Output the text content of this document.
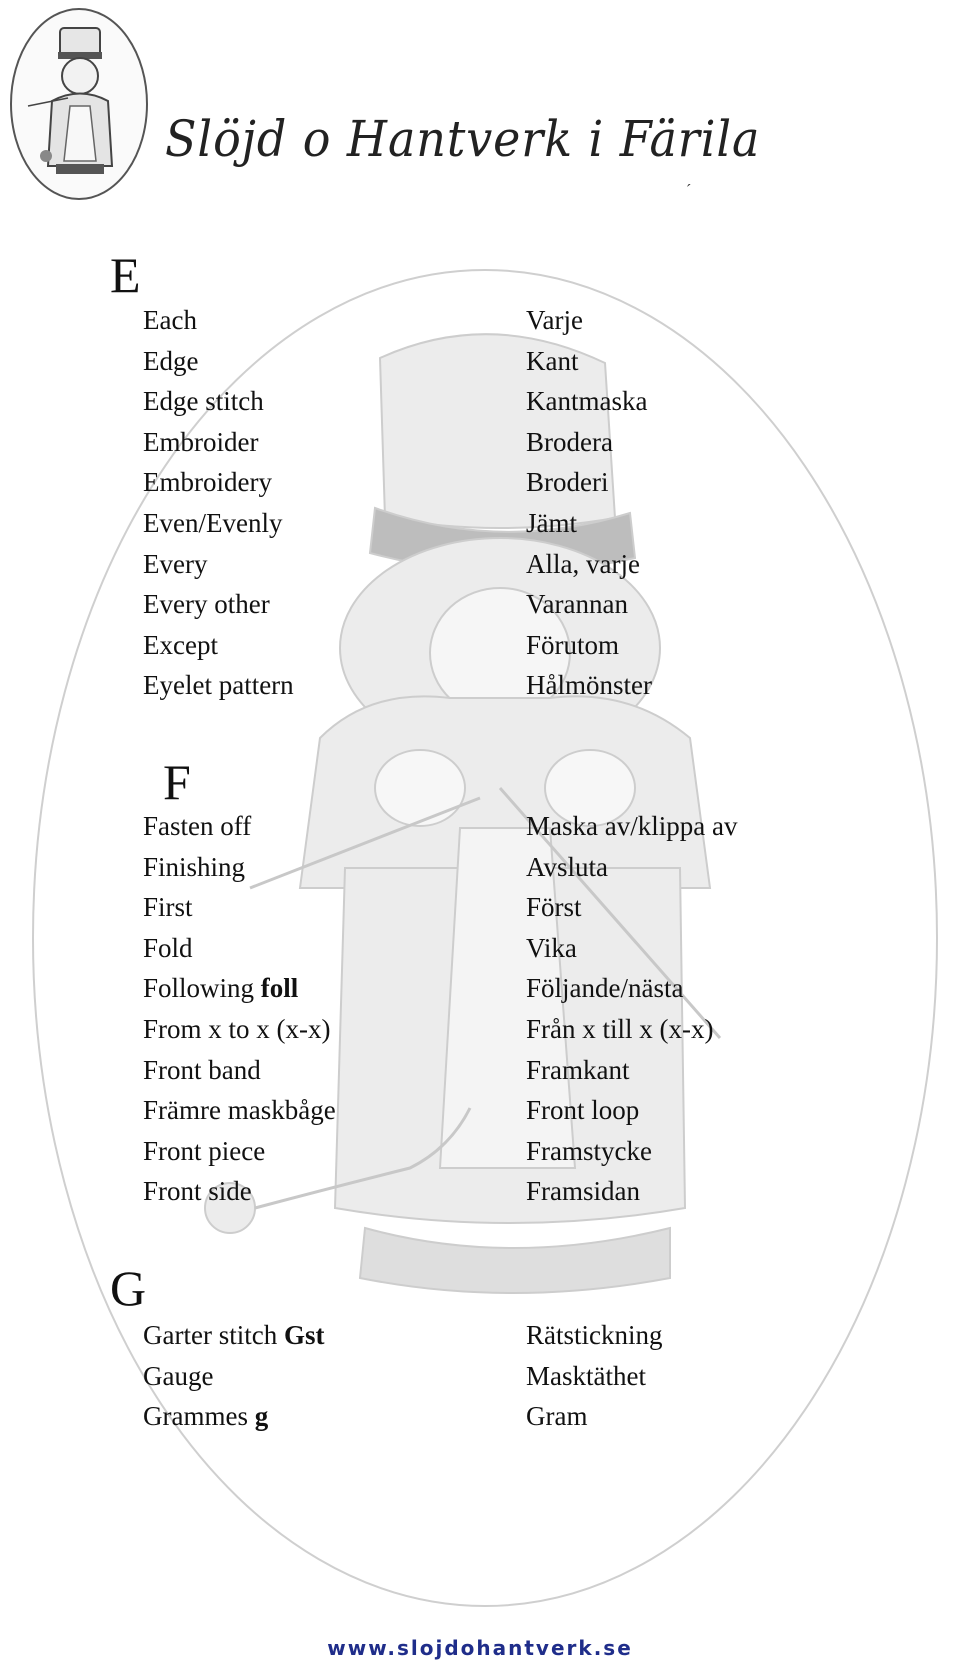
Slöjd o Hantverk i Färila
´
E
Each
Edge
Edge stitch
Embroider
Embroidery
Even/Evenly
Every
Every other
Except
Eyelet pattern
Varje
Kant
Kantmaska
Brodera
Broderi
Jämt
Alla, varje
Varannan
Förutom
Hålmönster
F
Fasten off
Finishing
First
Fold
Following foll
From x to x (x-x)
Front band
Främre maskbåge
Front piece
Front side
Maska av/klippa av
Avsluta
Först
Vika
Följande/nästa
Från x till x (x-x)
Framkant
Front loop
Framstycke
Framsidan
G
Garter stitch Gst
Gauge
Grammes g
Rätstickning
Masktäthet
Gram
www.slojdohantverk.se
